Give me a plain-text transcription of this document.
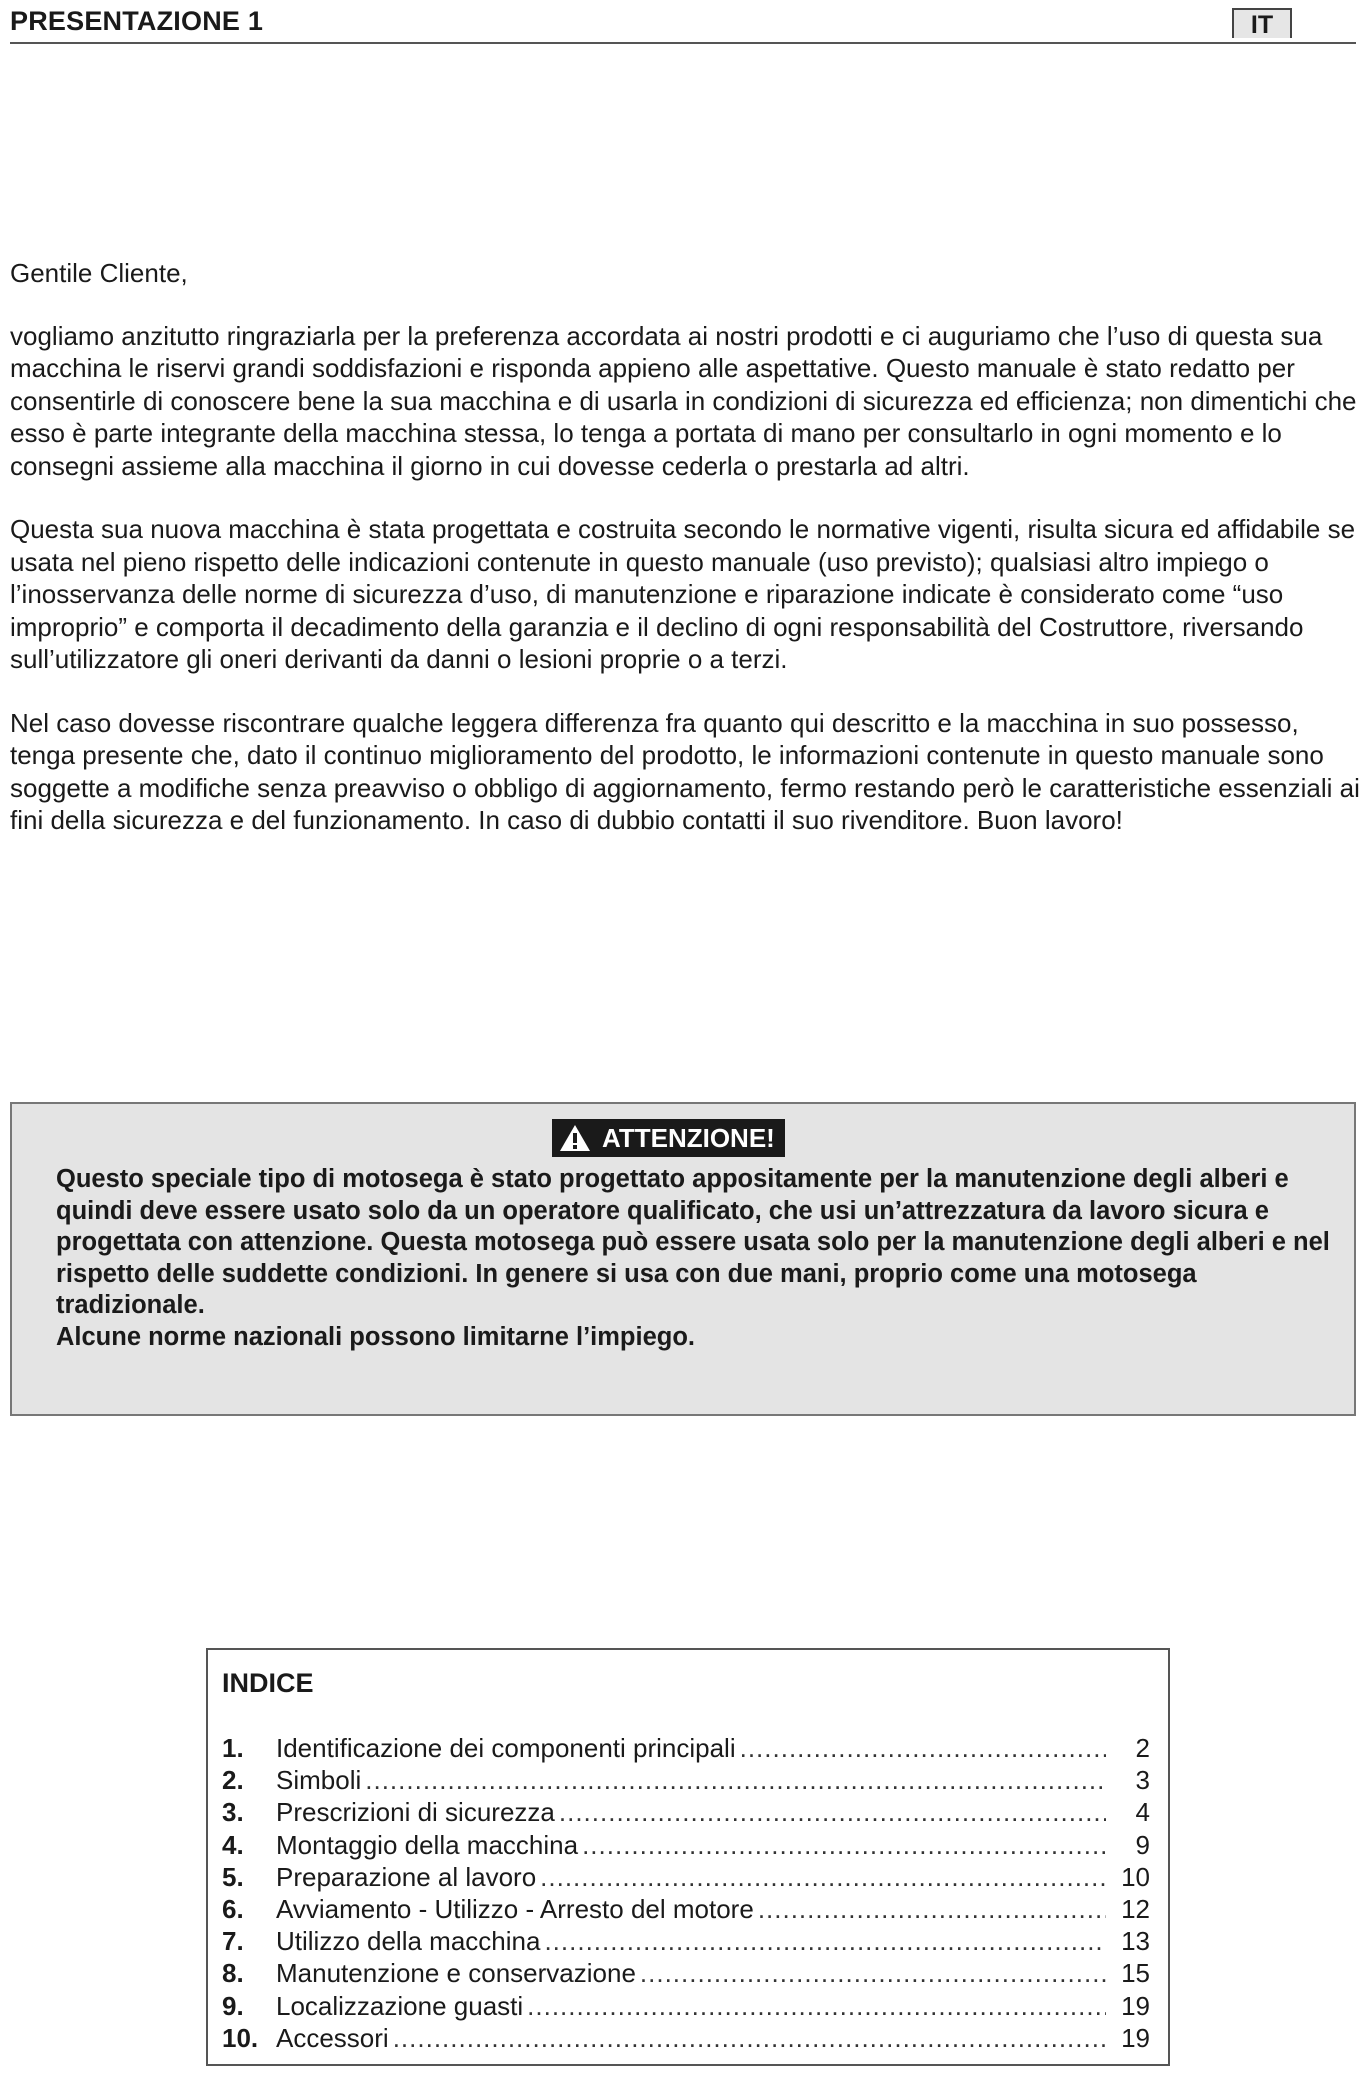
PRESENTAZIONE 1	IT

Gentile Cliente,

vogliamo anzitutto ringraziarla per la preferenza accordata ai nostri prodotti e ci auguriamo che l’uso di questa sua macchina le riservi grandi soddisfazioni e risponda appieno alle aspettative. Questo manuale è stato redatto per consentirle di conoscere bene la sua macchina e di usarla in condizioni di sicurezza ed efficienza; non dimentichi che esso è parte integrante della macchina stessa, lo tenga a portata di mano per consultarlo in ogni momento e lo consegni assieme alla macchina il giorno in cui dovesse cederla o prestarla ad altri.

Questa sua nuova macchina è stata progettata e costruita secondo le normative vigenti, risulta sicura ed affidabile se usata nel pieno rispetto delle indicazioni contenute in questo manuale (uso previsto); qualsiasi altro impiego o l’inosservanza delle norme di sicurezza d’uso, di manutenzione e riparazione indicate è considerato come “uso improprio” e comporta il decadimento della garanzia e il declino di ogni responsabilità del Costruttore, riversando sull’utilizzatore gli oneri derivanti da danni o lesioni proprie o a terzi.

Nel caso dovesse riscontrare qualche leggera differenza fra quanto qui descritto e la macchina in suo possesso, tenga presente che, dato il continuo miglioramento del prodotto, le informazioni contenute in questo manuale sono soggette a modifiche senza preavviso o obbligo di aggiornamento, fermo restando però le caratteristiche essenziali ai fini della sicurezza e del funzionamento. In caso di dubbio contatti il suo rivenditore. Buon lavoro!

ATTENZIONE!
Questo speciale tipo di motosega è stato progettato appositamente per la manutenzione degli alberi e quindi deve essere usato solo da un operatore qualificato, che usi un’attrezzatura da lavoro sicura e progettata con attenzione. Questa motosega può essere usata solo per la manutenzione degli alberi e nel rispetto delle suddette condizioni. In genere si usa con due mani, proprio come una motosega tradizionale.
Alcune norme nazionali possono limitarne l’impiego.
INDICE
1.	Identificazione dei componenti principali .....	2
2.	Simboli .....	3
3.	Prescrizioni di sicurezza .....	4
4.	Montaggio della macchina .....	9
5.	Preparazione al lavoro .....	10
6.	Avviamento - Utilizzo - Arresto del motore .....	12
7.	Utilizzo della macchina .....	13
8.	Manutenzione e conservazione .....	15
9.	Localizzazione guasti .....	19
10. Accessori .....	19
